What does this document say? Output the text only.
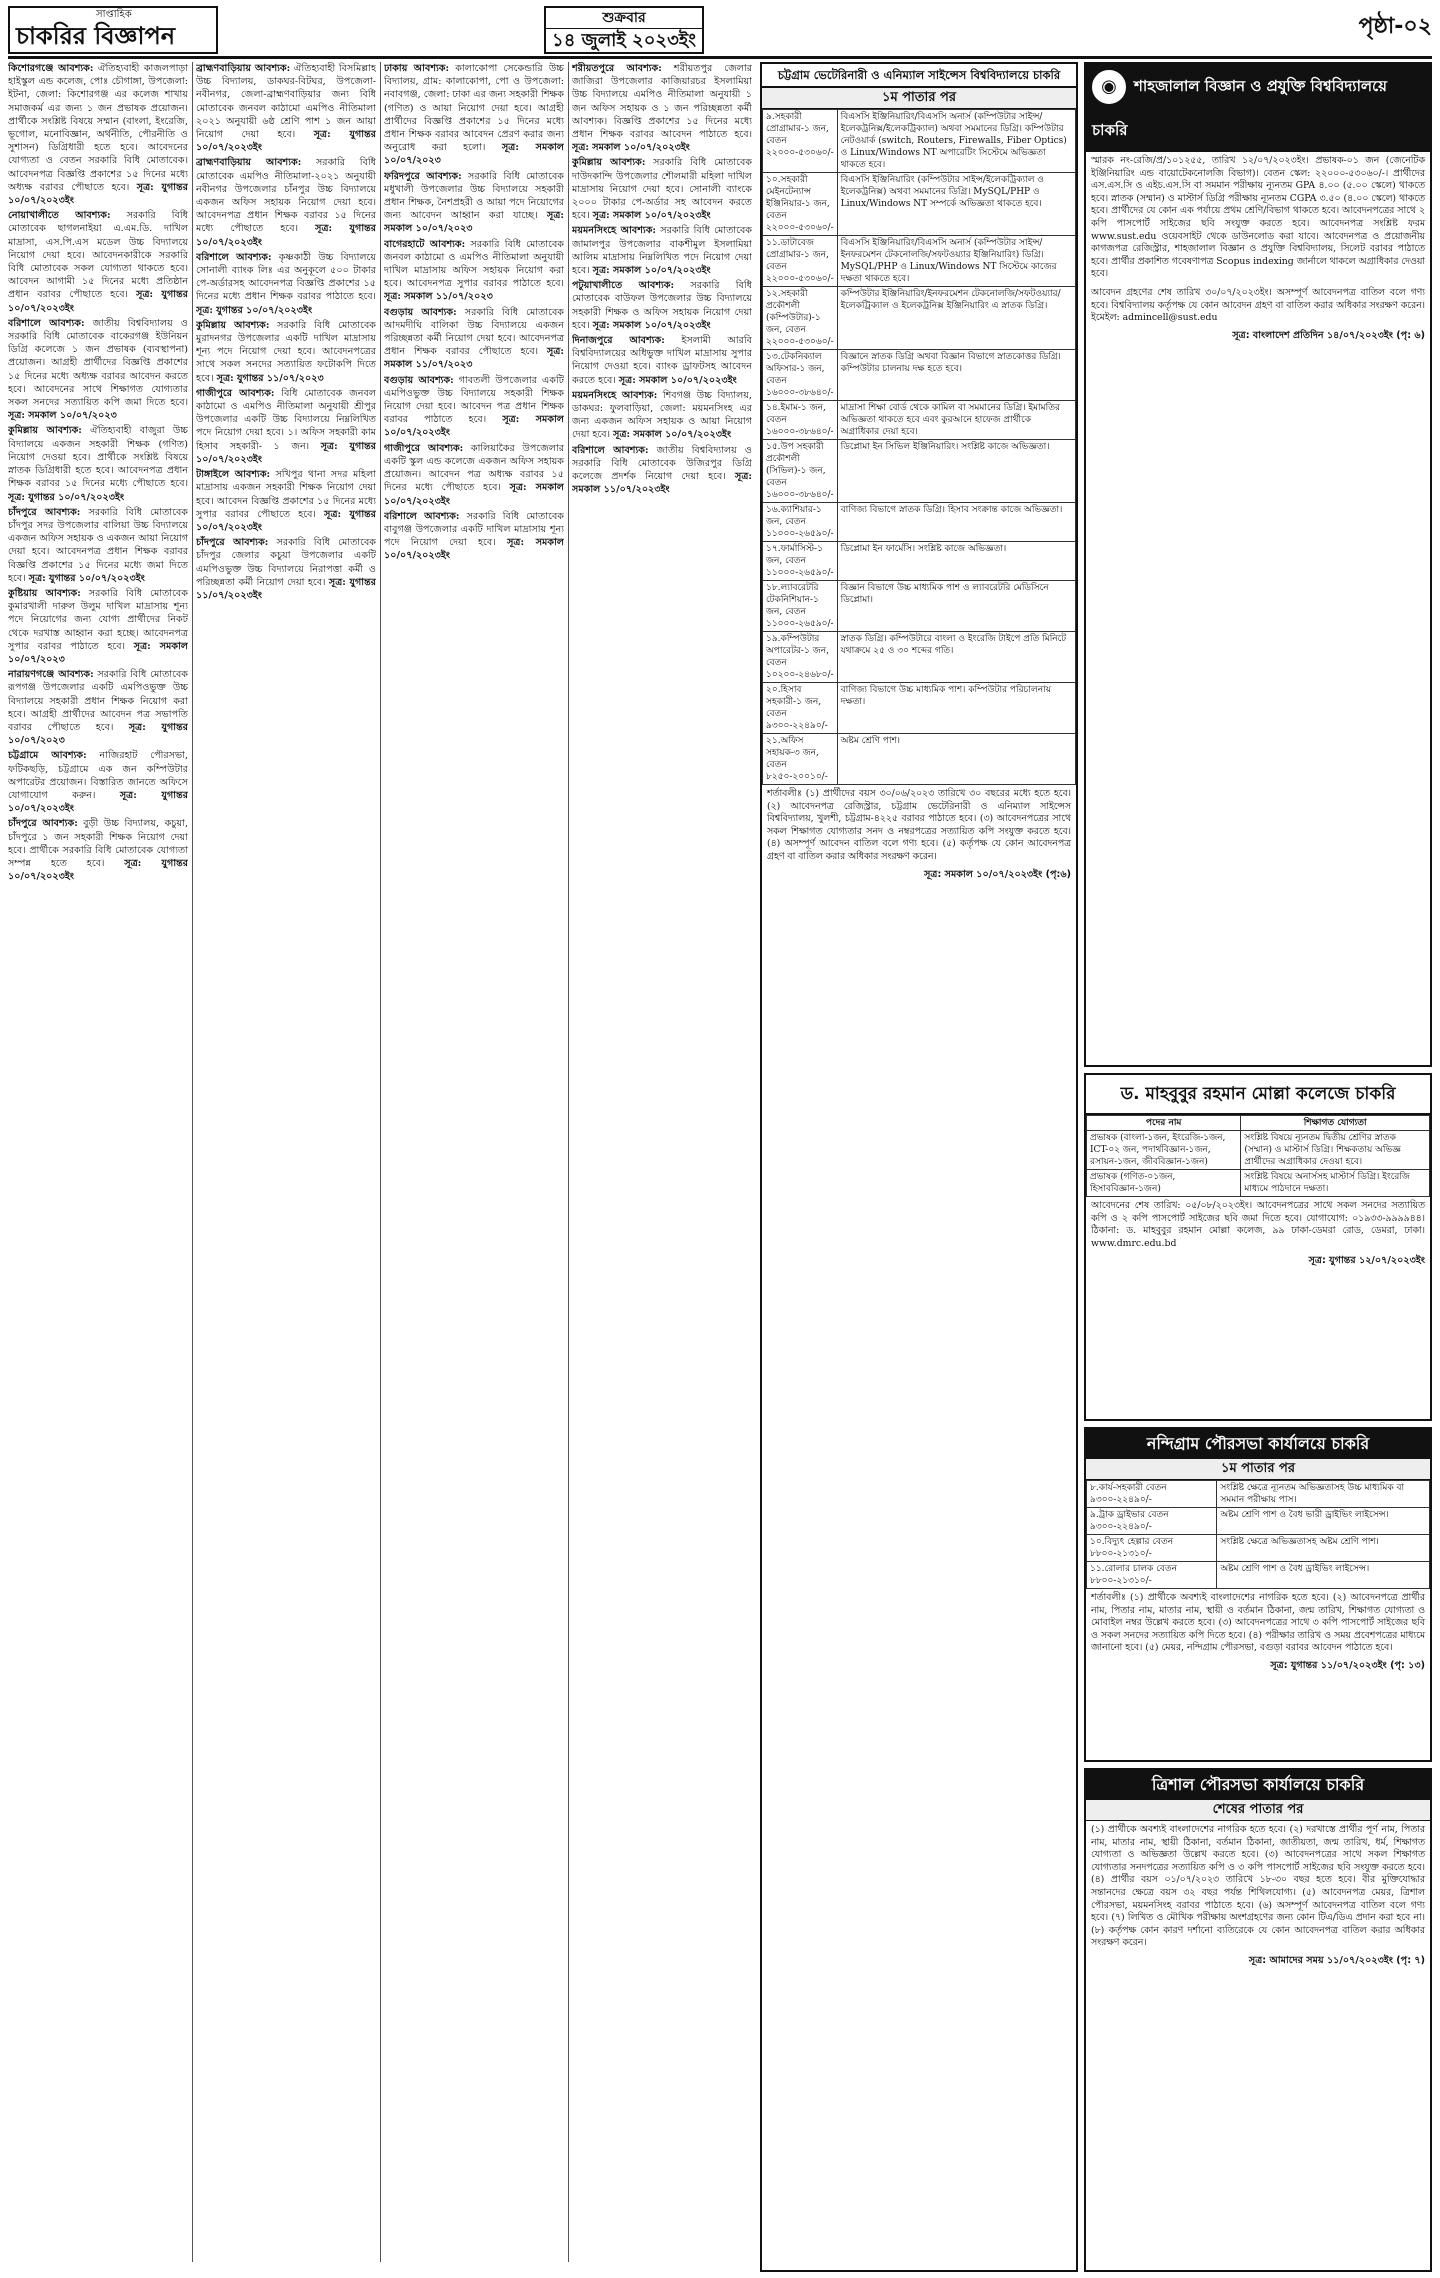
সাপ্তাহিক
চাকরির বিজ্ঞাপন
শুক্রবার
১৪ জুলাই ২০২৩ইং
পৃষ্ঠা-০২

কিশোরগঞ্জে আবশ্যক: ঐতিহ্যবাহী কাজলপাড়া হাইস্কুল এন্ড কলেজ, পোঃ চৌগাঙ্গা, উপজেলা: ইটনা, জেলা: কিশোরগঞ্জ এর কলেজ শাখায় সমাজকর্ম এর জন্য ১ জন প্রভাষক প্রয়োজন। প্রার্থীকে সংশ্লিষ্ট বিষয়ে সম্মান (বাংলা, ইংরেজি, ভূগোল, মনোবিজ্ঞান, অর্থনীতি, পৌরনীতি ও সুশাসন) ডিগ্রিধারী হতে হবে। আবেদনের যোগ্যতা ও বেতন সরকারি বিধি মোতাবেক। আবেদনপত্র বিজ্ঞপ্তি প্রকাশের ১৫ দিনের মধ্যে অধ্যক্ষ বরাবর পৌছাতে হবে। সূত্র: যুগান্তর ১০/০৭/২০২৩ইং

নোয়াখালীতে আবশ্যক: সরকারি বিধি মোতাবেক ছাগলনাইয়া এ.এম.ডি. দাখিল মাদ্রাসা, এস.পি.এস মডেল উচ্চ বিদ্যালয়ে নিয়োগ দেয়া হবে। আবেদনকারীকে সরকারি বিধি মোতাবেক সকল যোগ্যতা থাকতে হবে। আবেদন আগামী ১৫ দিনের মধ্যে প্রতিষ্ঠান প্রধান বরাবর পৌছাতে হবে। সূত্র: যুগান্তর ১০/০৭/২০২৩ইং

বরিশালে আবশ্যক: জাতীয় বিশ্ববিদ্যালয় ও সরকারি বিধি মোতাবেক বাকেরগঞ্জ ইউনিয়ন ডিগ্রি কলেজে ১ জন প্রভাষক (ব্যবস্থাপনা) প্রয়োজন। আগ্রহী প্রার্থীদের বিজ্ঞপ্তি প্রকাশের ১৫ দিনের মধ্যে অধ্যক্ষ বরাবর আবেদন করতে হবে। আবেদনের সাথে শিক্ষাগত যোগ্যতার সকল সনদের সত্যায়িত কপি জমা দিতে হবে। সূত্র: সমকাল ১০/০৭/২০২৩

কুমিল্লায় আবশ্যক: ঐতিহ্যবাহী বাজুরা উচ্চ বিদ্যালয়ে একজন সহকারী শিক্ষক (গণিত) নিয়োগ দেওয়া হবে। প্রার্থীকে সংশ্লিষ্ট বিষয়ে স্নাতক ডিগ্রিধারী হতে হবে। আবেদনপত্র প্রধান শিক্ষক বরাবর ১৫ দিনের মধ্যে পৌছাতে হবে। সূত্র: যুগান্তর ১০/০৭/২০২৩ইং

চাঁদপুরে আবশ্যক: সরকারি বিধি মোতাবেক চাঁদপুর সদর উপজেলার বালিয়া উচ্চ বিদ্যালয়ে একজন অফিস সহায়ক ও একজন আয়া নিয়োগ দেয়া হবে। আবেদনপত্র প্রধান শিক্ষক বরাবর বিজ্ঞপ্তি প্রকাশের ১৫ দিনের মধ্যে জমা দিতে হবে। সূত্র: যুগান্তর ১০/০৭/২০২৩ইং

কুষ্টিয়ায় আবশ্যক: সরকারি বিধি মোতাবেক কুমারখালী দারুল উলুম দাখিল মাদ্রাসায় শূন্য পদে নিয়োগের জন্য যোগ্য প্রার্থীদের নিকট থেকে দরখাস্ত আহ্বান করা হচ্ছে। আবেদনপত্র সুপার বরাবর পাঠাতে হবে। সূত্র: সমকাল ১০/০৭/২০২৩

নারায়ণগঞ্জে আবশ্যক: সরকারি বিধি মোতাবেক রূপগঞ্জ উপজেলার একটি এমপিওভুক্ত উচ্চ বিদ্যালয়ে সহকারী প্রধান শিক্ষক নিয়োগ করা হবে। আগ্রহী প্রার্থীদের আবেদন পত্র সভাপতি বরাবর পৌছাতে হবে। সূত্র: যুগান্তর ১০/০৭/২০২৩

চট্টগ্রামে আবশ্যক: নাজিরহাট পৌরসভা, ফটিকছড়ি, চট্টগ্রামে এক জন কম্পিউটার অপারেটর প্রয়োজন। বিস্তারিত জানতে অফিসে যোগাযোগ করুন।	সূত্র: যুগান্তর ১০/০৭/২০২৩ইং

চাঁদপুরে আবশ্যক: বুড়ী উচ্চ বিদ্যালয়, কচুয়া, চাঁদপুরে ১ জন সহকারী শিক্ষক নিয়োগ দেয়া হবে। প্রার্থীকে সরকারি বিধি মোতাবেক যোগ্যতা সম্পন্ন হতে হবে। সূত্র: যুগান্তর ১০/০৭/২০২৩ইং

ব্রাহ্মণবাড়িয়ায় আবশ্যক: ঐতিহ্যবাহী বিসমিল্লাহ উচ্চ বিদ্যালয়, ডাকঘর-বিটঘর, উপজেলা-নবীনগর, জেলা-ব্রাহ্মণবাড়িয়ার জন্য বিধি মোতাবেক জনবল কাঠামো এমপিও নীতিমালা ২০২১ অনুযায়ী ৬ষ্ঠ শ্রেণি পাশ ১ জন আয়া নিয়োগ দেয়া হবে। সূত্র: যুগান্তর ১০/০৭/২০২৩ইং

ব্রাহ্মণবাড়িয়ায় আবশ্যক: সরকারি বিধি মোতাবেক এমপিও নীতিমালা-২০২১ অনুযায়ী নবীনগর উপজেলার চাঁনপুর উচ্চ বিদ্যালয়ে একজন অফিস সহায়ক নিয়োগ দেয়া হবে। আবেদনপত্র প্রধান শিক্ষক বরাবর ১৫ দিনের মধ্যে পৌছাতে হবে। সূত্র: যুগান্তর ১০/০৭/২০২৩ইং

বরিশালে আবশ্যক: কৃষ্ণকাঠী উচ্চ বিদ্যালয়ে সোনালী ব্যাংক লিঃ এর অনুকূলে ৫০০ টাকার পে-অর্ডারসহ আবেদনপত্র বিজ্ঞপ্তি প্রকাশের ১৫ দিনের মধ্যে প্রধান শিক্ষক বরাবর পাঠাতে হবে। সূত্র: যুগান্তর ১০/০৭/২০২৩ইং

কুমিল্লায় আবশ্যক: সরকারি বিধি মোতাবেক মুরাদনগর উপজেলার একটি দাখিল মাদ্রাসায় শূন্য পদে নিয়োগ দেয়া হবে। আবেদনপত্রের সাথে সকল সনদের সত্যায়িত ফটোকপি দিতে হবে। সূত্র: যুগান্তর ১১/০৭/২০২৩

গাজীপুরে আবশ্যক: বিধি মোতাবেক জনবল কাঠামো ও এমপিও নীতিমালা অনুযায়ী শ্রীপুর উপজেলার একটি উচ্চ বিদ্যালয়ে নিম্নলিখিত পদে নিয়োগ দেয়া হবে। ১। অফিস সহকারী কাম হিসাব সহকারী- ১ জন। সূত্র: যুগান্তর ১০/০৭/২০২৩ইং

টাঙ্গাইলে আবশ্যক: সখিপুর থানা সদর মহিলা মাদ্রাসায় একজন সহকারী শিক্ষক নিয়োগ দেয়া হবে। আবেদন বিজ্ঞপ্তি প্রকাশের ১৫ দিনের মধ্যে সুপার বরাবর পৌছাতে হবে। সূত্র: যুগান্তর ১০/০৭/২০২৩ইং

চাঁদপুরে আবশ্যক: সরকারি বিধি মোতাবেক চাঁদপুর জেলার কচুয়া উপজেলার একটি এমপিওভুক্ত উচ্চ বিদ্যালয়ে নিরাপত্তা কর্মী ও পরিচ্ছন্নতা কর্মী নিয়োগ দেয়া হবে। সূত্র: যুগান্তর ১১/০৭/২০২৩ইং

ঢাকায় আবশ্যক: কালাকোপা সেকেন্ডারি উচ্চ বিদ্যালয়, গ্রাম: কালাকোপা, পো ও উপজেলা: নবাবগঞ্জ, জেলা: ঢাকা এর জন্য সহকারী শিক্ষক (গণিত) ও আয়া নিয়োগ দেয়া হবে। আগ্রহী প্রার্থীদের বিজ্ঞপ্তি প্রকাশের ১৫ দিনের মধ্যে প্রধান শিক্ষক বরাবর আবেদন প্রেরণ করার জন্য অনুরোধ করা হলো। সূত্র: সমকাল ১০/০৭/২০২৩

ফরিদপুরে আবশ্যক: সরকারি বিধি মোতাবেক মধুখালী উপজেলার উচ্চ বিদ্যালয়ে সহকারী প্রধান শিক্ষক, নৈশপ্রহরী ও আয়া পদে নিয়োগের জন্য আবেদন আহ্বান করা যাচ্ছে। সূত্র: সমকাল ১০/০৭/২০২৩

বাগেরহাটে আবশ্যক: সরকারি বিধি মোতাবেক জনবল কাঠামো ও এমপিও নীতিমালা অনুযায়ী দাখিল মাদ্রাসায় অফিস সহায়ক নিয়োগ করা হবে। আবেদনপত্র সুপার বরাবর পাঠাতে হবে। সূত্র: সমকাল ১১/০৭/২০২৩

বগুড়ায় আবশ্যক: সরকারি বিধি মোতাবেক আদমদীঘি বালিকা উচ্চ বিদ্যালয়ে একজন পরিচ্ছন্নতা কর্মী নিয়োগ দেয়া হবে। আবেদনপত্র প্রধান শিক্ষক বরাবর পৌছাতে হবে। সূত্র: সমকাল ১১/০৭/২০২৩

বগুড়ায় আবশ্যক: গাবতলী উপজেলার একটি এমপিওভুক্ত উচ্চ বিদ্যালয়ে সহকারী শিক্ষক নিয়োগ দেয়া হবে। আবেদন পত্র প্রধান শিক্ষক বরাবর পাঠাতে হবে। সূত্র: সমকাল ১০/০৭/২০২৩ইং

গাজীপুরে আবশ্যক: কালিয়াকৈর উপজেলার একটি স্কুল এন্ড কলেজে একজন অফিস সহায়ক প্রয়োজন। আবেদন পত্র অধ্যক্ষ বরাবর ১৫ দিনের মধ্যে পৌছাতে হবে। সূত্র: সমকাল ১০/০৭/২০২৩ইং

বরিশালে আবশ্যক: সরকারি বিধি মোতাবেক বাবুগঞ্জ উপজেলার একটি দাখিল মাদ্রাসায় শূন্য পদে নিয়োগ দেয়া হবে। সূত্র: সমকাল ১০/০৭/২০২৩ইং

শরীয়তপুরে আবশ্যক: শরীয়তপুর জেলার জাজিরা উপজেলার কাজিয়ারচর ইসলামিয়া উচ্চ বিদ্যালয়ে এমপিও নীতিমালা অনুযায়ী ১ জন অফিস সহায়ক ও ১ জন পরিচ্ছন্নতা কর্মী আবশ্যক। বিজ্ঞপ্তি প্রকাশের ১৫ দিনের মধ্যে প্রধান শিক্ষক বরাবর আবেদন পাঠাতে হবে। সূত্র: সমকাল ১০/০৭/২০২৩ইং

কুমিল্লায় আবশ্যক: সরকারি বিধি মোতাবেক দাউদকান্দি উপজেলার শৌলমারী মহিলা দাখিল মাদ্রাসায় নিয়োগ দেয়া হবে। সোনালী ব্যাংকে ২০০০ টাকার পে-অর্ডার সহ আবেদন করতে হবে। সূত্র: সমকাল ১০/০৭/২০২৩ইং

ময়মনসিংহে আবশ্যক: সরকারি বিধি মোতাবেক জামালপুর উপজেলার বাকশীমুল ইসলামিয়া আলিম মাদ্রাসায় নিম্নলিখিত পদে নিয়োগ দেয়া হবে। সূত্র: সমকাল ১০/০৭/২০২৩ইং

পটুয়াখালীতে আবশ্যক: সরকারি বিধি মোতাবেক বাউফল উপজেলার উচ্চ বিদ্যালয়ে সহকারী শিক্ষক ও অফিস সহায়ক নিয়োগ দেয়া হবে। সূত্র: সমকাল ১০/০৭/২০২৩ইং

দিনাজপুরে আবশ্যক: ইসলামী আরবি বিশ্ববিদ্যালয়ের অধিভুক্ত দাখিল মাদ্রাসায় সুপার নিয়োগ দেওয়া হবে। ব্যাংক ড্রাফটসহ আবেদন করতে হবে। সূত্র: সমকাল ১০/০৭/২০২৩ইং

ময়মনসিংহে আবশ্যক: শিবগঞ্জ উচ্চ বিদ্যালয়, ডাকঘর: ফুলবাড়িয়া, জেলা: ময়মনসিংহ এর জন্য একজন অফিস সহায়ক ও আয়া নিয়োগ দেয়া হবে। সূত্র: সমকাল ১০/০৭/২০২৩ইং

বরিশালে আবশ্যক: জাতীয় বিশ্ববিদ্যালয় ও সরকারি বিধি মোতাবেক উজিরপুর ডিগ্রি কলেজে প্রদর্শক নিয়োগ দেয়া হবে। সূত্র: সমকাল ১১/০৭/২০২৩ইং

চট্টগ্রাম ভেটেরিনারী ও এনিম্যাল সাইন্সেস বিশ্ববিদ্যালয়ে চাকরি
১ম পাতার পর
৯.সহকারী প্রোগ্রামার-১ জন, বেতন ২২০০০-৫৩০৬০/-	বিএসসি ইঞ্জিনিয়ারিং/বিএসসি অনার্স (কম্পিউটার সাইন্স/ইলেকট্রনিক্স/ইলেকট্রিক্যাল) অথবা সমমানের ডিগ্রি। কম্পিউটার নেটওয়ার্ক (switch, Routers, Firewalls, Fiber Optics) ও Linux/Windows NT অপারেটিং সিস্টেমে অভিজ্ঞতা থাকতে হবে।
১০.সহকারী মেইনটেন্যান্স ইঞ্জিনিয়ার-১ জন, বেতন ২২০০০-৫৩০৬০/-	বিএসসি ইঞ্জিনিয়ারিং (কম্পিউটার সাইন্স/ইলেকট্রিক্যাল ও ইলেকট্রনিক্স) অথবা সমমানের ডিগ্রি। MySQL/PHP ও Linux/Windows NT সম্পর্কে অভিজ্ঞতা থাকতে হবে।
১১.ডাটাবেজ প্রোগ্রামার-১ জন, বেতন ২২০০০-৫৩০৬০/-	বিএসসি ইঞ্জিনিয়ারিং/বিএসসি অনার্স (কম্পিউটার সাইন্স/ইনফরমেশন টেকনোলজি/সফটওয়্যার ইঞ্জিনিয়ারিং) ডিগ্রি। MySQL/PHP ও Linux/Windows NT সিস্টেমে কাজের দক্ষতা থাকতে হবে।
১২.সহকারী প্রকৌশলী (কম্পিউটার)-১ জন, বেতন ২২০০০-৫৩০৬০/-	কম্পিউটার ইঞ্জিনিয়ারিং/ইনফরমেশন টেকনোলজি/সফটওয়্যার/ইলেকট্রিক্যাল ও ইলেকট্রনিক্স ইঞ্জিনিয়ারিং এ স্নাতক ডিগ্রি।
১৩.টেকনিক্যাল অফিসার-১ জন, বেতন ১৬০০০-৩৮৬৪০/-	বিজ্ঞানে স্নাতক ডিগ্রি অথবা বিজ্ঞান বিভাগে স্নাতকোত্তর ডিগ্রি। কম্পিউটার চালনায় দক্ষ হতে হবে।
১৪.ইমাম-১ জন, বেতন ১৬০০০-৩৮৬৪০/-	মাদ্রাসা শিক্ষা বোর্ড থেকে কামিল বা সমমানের ডিগ্রি। ইমামতির অভিজ্ঞতা থাকতে হবে এবং কুরআনে হাফেজ প্রার্থীকে অগ্রাধিকার দেয়া হবে।
১৫.উপ সহকারী প্রকৌশলী (সিভিল)-১ জন, বেতন ১৬০০০-৩৮৬৪০/-	ডিপ্লোমা ইন সিভিল ইঞ্জিনিয়ারিং। সংশ্লিষ্ট কাজে অভিজ্ঞতা।
১৬.ক্যাশিয়ার-১ জন, বেতন ১১০০০-২৬৫৯০/-	বাণিজ্য বিভাগে স্নাতক ডিগ্রি। হিসাব সংক্রান্ত কাজে অভিজ্ঞতা।
১৭.ফার্মাসিস্ট-১ জন, বেতন ১১০০০-২৬৫৯০/-	ডিপ্লোমা ইন ফার্মেসি। সংশ্লিষ্ট কাজে অভিজ্ঞতা।
১৮.ল্যাবরেটরি টেকনিশিয়ান-১ জন, বেতন ১১০০০-২৬৫৯০/-	বিজ্ঞান বিভাগে উচ্চ মাধ্যমিক পাশ ও ল্যাবরেটরি মেডিসিনে ডিপ্লোমা।
১৯.কম্পিউটার অপারেটর-১ জন, বেতন ১০২০০-২৪৬৮০/-	স্নাতক ডিগ্রি। কম্পিউটারে বাংলা ও ইংরেজি টাইপে প্রতি মিনিটে যথাক্রমে ২৫ ও ৩০ শব্দের গতি।
২০.হিসাব সহকারী-১ জন, বেতন ৯৩০০-২২৪৯০/-	বাণিজ্য বিভাগে উচ্চ মাধ্যমিক পাশ। কম্পিউটার পরিচালনায় দক্ষতা।
২১.অফিস সহায়ক-৩ জন, বেতন ৮২৫০-২০০১০/-	অষ্টম শ্রেণি পাশ।
শর্তাবলীঃ (১) প্রার্থীদের বয়স ৩০/০৬/২০২৩ তারিখে ৩০ বছরের মধ্যে হতে হবে। (২) আবেদনপত্র রেজিস্ট্রার, চট্টগ্রাম ভেটেরিনারী ও এনিম্যাল সাইন্সেস বিশ্ববিদ্যালয়, খুলশী, চট্টগ্রাম-৪২২৫ বরাবর পাঠাতে হবে। (৩) আবেদনপত্রের সাথে সকল শিক্ষাগত যোগ্যতার সনদ ও নম্বরপত্রের সত্যায়িত কপি সংযুক্ত করতে হবে। (৪) অসম্পূর্ণ আবেদন বাতিল বলে গণ্য হবে। (৫) কর্তৃপক্ষ যে কোন আবেদনপত্র গ্রহণ বা বাতিল করার অধিকার সংরক্ষণ করেন।
সূত্র: সমকাল ১০/০৭/২০২৩ইং (পৃ:৬)
◉ শাহজালাল বিজ্ঞান ও প্রযুক্তি বিশ্ববিদ্যালয়ে চাকরি
স্মারক নং-রেজি/প্র/১০১২৫৫, তারিখ ১২/০৭/২০২৩ইং। প্রভাষক-০১ জন (জেনেটিক ইঞ্জিনিয়ারিং এন্ড বায়োটেকনোলজি বিভাগ)। বেতন স্কেল: ২২০০০-৫৩০৬০/-। প্রার্থীদের এস.এস.সি ও এইচ.এস.সি বা সমমান পরীক্ষায় ন্যূনতম GPA ৪.০০ (৫.০০ স্কেলে) থাকতে হবে। স্নাতক (সম্মান) ও মাস্টার্স ডিগ্রি পরীক্ষায় ন্যূনতম CGPA ৩.৫০ (৪.০০ স্কেলে) থাকতে হবে। প্রার্থীদের যে কোন এক পর্যায়ে প্রথম শ্রেণি/বিভাগ থাকতে হবে। আবেদনপত্রের সাথে ২ কপি পাসপোর্ট সাইজের ছবি সংযুক্ত করতে হবে। আবেদনপত্র সংশ্লিষ্ট ফরম www.sust.edu ওয়েবসাইট থেকে ডাউনলোড করা যাবে। আবেদনপত্র ও প্রয়োজনীয় কাগজপত্র রেজিস্ট্রার, শাহজালাল বিজ্ঞান ও প্রযুক্তি বিশ্ববিদ্যালয়, সিলেট বরাবর পাঠাতে হবে। প্রার্থীর প্রকাশিত গবেষণাপত্র Scopus indexing জার্নালে থাকলে অগ্রাধিকার দেওয়া হবে।
আবেদন গ্রহণের শেষ তারিখ ৩০/০৭/২০২৩ইং। অসম্পূর্ণ আবেদনপত্র বাতিল বলে গণ্য হবে। বিশ্ববিদ্যালয় কর্তৃপক্ষ যে কোন আবেদন গ্রহণ বা বাতিল করার অধিকার সংরক্ষণ করেন। ইমেইল: admincell@sust.edu
সূত্র: বাংলাদেশ প্রতিদিন ১৪/০৭/২০২৩ইং (পৃ: ৬)
ড. মাহবুবুর রহমান মোল্লা কলেজে চাকরি
পদের নাম	শিক্ষাগত যোগ্যতা
প্রভাষক (বাংলা-১জন, ইংরেজি-১জন, ICT-০২ জন, পদার্থবিজ্ঞান-১জন, রসায়ন-১জন, জীববিজ্ঞান-১জন)	সংশ্লিষ্ট বিষয়ে ন্যূনতম দ্বিতীয় শ্রেণির স্নাতক (সম্মান) ও মাস্টার্স ডিগ্রি। শিক্ষকতায় অভিজ্ঞ প্রার্থীদের অগ্রাধিকার দেওয়া হবে।
প্রভাষক (গণিত-০১জন, হিসাববিজ্ঞান-১জন)	সংশ্লিষ্ট বিষয়ে অনার্সসহ মাস্টার্স ডিগ্রি। ইংরেজি মাধ্যমে পাঠদানে দক্ষতা।
আবেদনের শেষ তারিখ: ০৫/০৮/২০২৩ইং। আবেদনপত্রের সাথে সকল সনদের সত্যায়িত কপি ও ২ কপি পাসপোর্ট সাইজের ছবি জমা দিতে হবে। যোগাযোগ: ০১৯৩৩-৯৯৯৯৪৪। ঠিকানা: ড. মাহবুবুর রহমান মোল্লা কলেজ, ৯৯ ঢাকা-ডেমরা রোড, ডেমরা, ঢাকা। www.dmrc.edu.bd
সূত্র: যুগান্তর ১২/০৭/২০২৩ইং
নন্দিগ্রাম পৌরসভা কার্যালয়ে চাকরি
১ম পাতার পর
৮.কার্য-সহকারী বেতন ৯৩০০-২২৪৯০/-	সংশ্লিষ্ট ক্ষেত্রে ন্যূনতম অভিজ্ঞতাসহ উচ্চ মাধ্যমিক বা সমমান পরীক্ষায় পাস।
৯.ট্রাক ড্রাইভার বেতন ৯৩০০-২২৪৯০/-	অষ্টম শ্রেণি পাশ ও বৈধ ভারী ড্রাইভিং লাইসেন্স।
১০.বিদ্যুৎ হেল্পার বেতন ৮৮০০-২১৩১০/-	সংশ্লিষ্ট ক্ষেত্রে অভিজ্ঞতাসহ অষ্টম শ্রেণি পাশ।
১১.রোলার চালক বেতন ৮৮০০-২১৩১০/-	অষ্টম শ্রেণি পাশ ও বৈধ ড্রাইভিং লাইসেন্স।
শর্তাবলীঃ (১) প্রার্থীকে অবশ্যই বাংলাদেশের নাগরিক হতে হবে। (২) আবেদনপত্রে প্রার্থীর নাম, পিতার নাম, মাতার নাম, স্থায়ী ও বর্তমান ঠিকানা, জন্ম তারিখ, শিক্ষাগত যোগ্যতা ও মোবাইল নম্বর উল্লেখ করতে হবে। (৩) আবেদনপত্রের সাথে ৩ কপি পাসপোর্ট সাইজের ছবি ও সকল সনদের সত্যায়িত কপি দিতে হবে। (৪) পরীক্ষার তারিখ ও সময় প্রবেশপত্রের মাধ্যমে জানানো হবে। (৫) মেয়র, নন্দিগ্রাম পৌরসভা, বগুড়া বরাবর আবেদন পাঠাতে হবে।
সূত্র: যুগান্তর ১১/০৭/২০২৩ইং (পৃ: ১৩)
ত্রিশাল পৌরসভা কার্যালয়ে চাকরি
শেষের পাতার পর
(১) প্রার্থীকে অবশ্যই বাংলাদেশের নাগরিক হতে হবে। (২) দরখাস্তে প্রার্থীর পূর্ণ নাম, পিতার নাম, মাতার নাম, স্থায়ী ঠিকানা, বর্তমান ঠিকানা, জাতীয়তা, জন্ম তারিখ, ধর্ম, শিক্ষাগত যোগ্যতা ও অভিজ্ঞতা উল্লেখ করতে হবে। (৩) আবেদনপত্রের সাথে সকল শিক্ষাগত যোগ্যতার সনদপত্রের সত্যায়িত কপি ও ৩ কপি পাসপোর্ট সাইজের ছবি সংযুক্ত করতে হবে। (৪) প্রার্থীর বয়স ০১/০৭/২০২৩ তারিখে ১৮-৩০ বছর হতে হবে। বীর মুক্তিযোদ্ধার সন্তানদের ক্ষেত্রে বয়স ৩২ বছর পর্যন্ত শিথিলযোগ্য। (৫) আবেদনপত্র মেয়র, ত্রিশাল পৌরসভা, ময়মনসিংহ বরাবর পাঠাতে হবে। (৬) অসম্পূর্ণ আবেদনপত্র বাতিল বলে গণ্য হবে। (৭) লিখিত ও মৌখিক পরীক্ষায় অংশগ্রহণের জন্য কোন টিএ/ডিএ প্রদান করা হবে না। (৮) কর্তৃপক্ষ কোন কারণ দর্শানো ব্যতিরেকে যে কোন আবেদনপত্র বাতিল করার অধিকার সংরক্ষণ করেন।
সূত্র: আমাদের সময় ১১/০৭/২০২৩ইং (পৃ: ৭)
